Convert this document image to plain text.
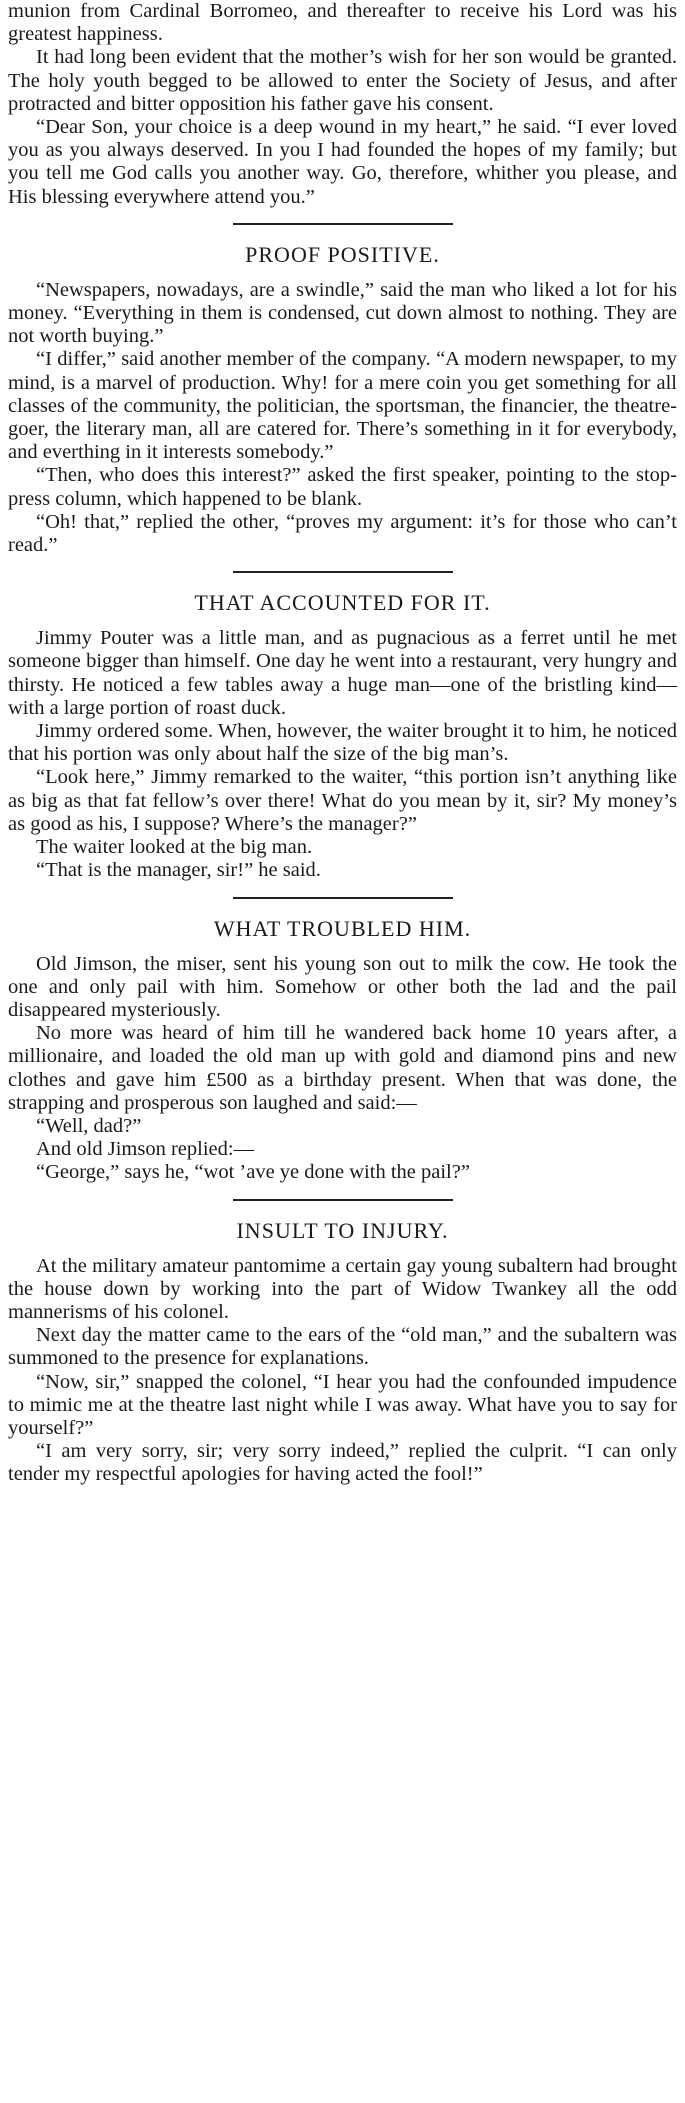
munion from Cardinal Borromeo, and thereafter to receive his Lord was his greatest happiness.

It had long been evident that the mother’s wish for her son would be granted. The holy youth begged to be allowed to enter the Society of Jesus, and after protracted and bitter opposition his father gave his consent.

“Dear Son, your choice is a deep wound in my heart,” he said. “I ever loved you as you always deserved. In you I had founded the hopes of my family; but you tell me God calls you another way. Go, therefore, whither you please, and His blessing everywhere attend you.”

PROOF POSITIVE.

“Newspapers, nowadays, are a swindle,” said the man who liked a lot for his money. “Everything in them is condensed, cut down almost to nothing. They are not worth buying.”

“I differ,” said another member of the company. “A modern newspaper, to my mind, is a marvel of production. Why! for a mere coin you get something for all classes of the community, the politician, the sportsman, the financier, the theatre-goer, the literary man, all are catered for. There’s something in it for everybody, and everthing in it interests somebody.”

“Then, who does this interest?” asked the first speaker, pointing to the stop-press column, which happened to be blank.

“Oh! that,” replied the other, “proves my argument: it’s for those who can’t read.”

THAT ACCOUNTED FOR IT.

Jimmy Pouter was a little man, and as pugnacious as a ferret until he met someone bigger than himself. One day he went into a restaurant, very hungry and thirsty. He noticed a few tables away a huge man—one of the bristling kind—with a large portion of roast duck.

Jimmy ordered some. When, however, the waiter brought it to him, he noticed that his portion was only about half the size of the big man’s.

“Look here,” Jimmy remarked to the waiter, “this portion isn’t anything like as big as that fat fellow’s over there! What do you mean by it, sir? My money’s as good as his, I suppose? Where’s the manager?”

The waiter looked at the big man.

“That is the manager, sir!” he said.

WHAT TROUBLED HIM.

Old Jimson, the miser, sent his young son out to milk the cow. He took the one and only pail with him. Somehow or other both the lad and the pail disappeared mysteriously.

No more was heard of him till he wandered back home 10 years after, a millionaire, and loaded the old man up with gold and diamond pins and new clothes and gave him £500 as a birthday present. When that was done, the strapping and prosperous son laughed and said:—

“Well, dad?”

And old Jimson replied:—

“George,” says he, “wot ’ave ye done with the pail?”

INSULT TO INJURY.

At the military amateur pantomime a certain gay young subaltern had brought the house down by working into the part of Widow Twankey all the odd mannerisms of his colonel.

Next day the matter came to the ears of the “old man,” and the subaltern was summoned to the presence for explanations.

“Now, sir,” snapped the colonel, “I hear you had the confounded impudence to mimic me at the theatre last night while I was away. What have you to say for yourself?”

“I am very sorry, sir; very sorry indeed,” replied the culprit. “I can only tender my respectful apologies for having acted the fool!”
